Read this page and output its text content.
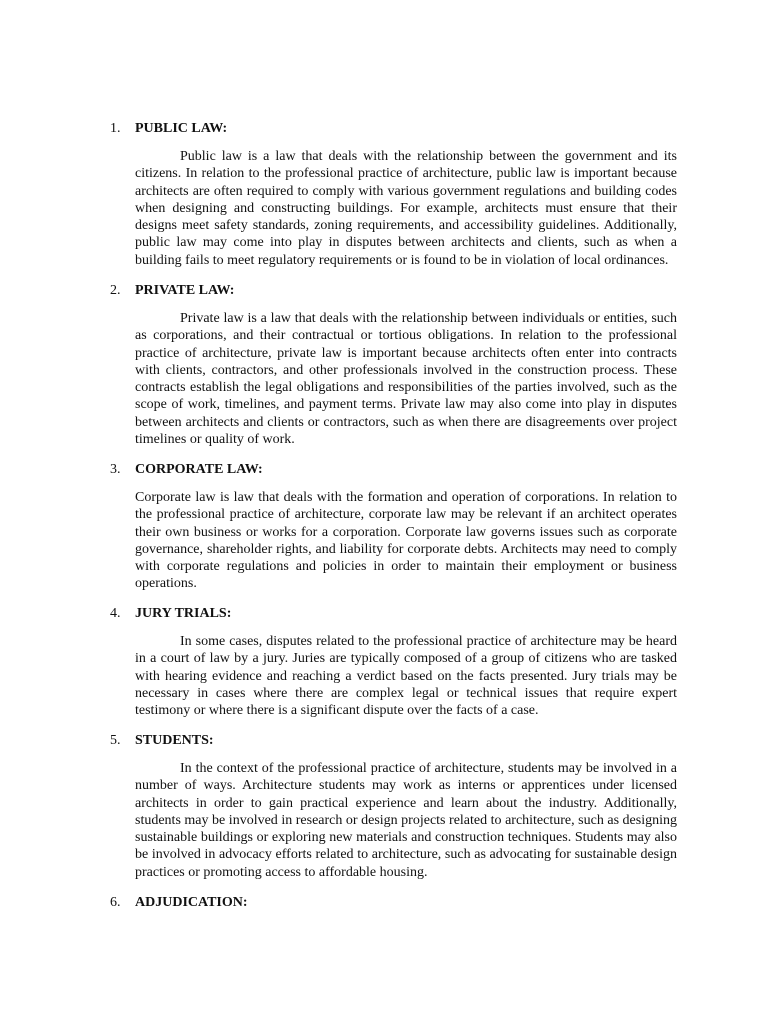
1.	PUBLIC LAW:

Public law is a law that deals with the relationship between the government and its citizens. In relation to the professional practice of architecture, public law is important because architects are often required to comply with various government regulations and building codes when designing and constructing buildings. For example, architects must ensure that their designs meet safety standards, zoning requirements, and accessibility guidelines. Additionally, public law may come into play in disputes between architects and clients, such as when a building fails to meet regulatory requirements or is found to be in violation of local ordinances.

2.	PRIVATE LAW:

Private law is a law that deals with the relationship between individuals or entities, such as corporations, and their contractual or tortious obligations. In relation to the professional practice of architecture, private law is important because architects often enter into contracts with clients, contractors, and other professionals involved in the construction process. These contracts establish the legal obligations and responsibilities of the parties involved, such as the scope of work, timelines, and payment terms. Private law may also come into play in disputes between architects and clients or contractors, such as when there are disagreements over project timelines or quality of work.

3.	CORPORATE LAW:

Corporate law is law that deals with the formation and operation of corporations. In relation to the professional practice of architecture, corporate law may be relevant if an architect operates their own business or works for a corporation. Corporate law governs issues such as corporate governance, shareholder rights, and liability for corporate debts. Architects may need to comply with corporate regulations and policies in order to maintain their employment or business operations.

4.	JURY TRIALS:

In some cases, disputes related to the professional practice of architecture may be heard in a court of law by a jury. Juries are typically composed of a group of citizens who are tasked with hearing evidence and reaching a verdict based on the facts presented. Jury trials may be necessary in cases where there are complex legal or technical issues that require expert testimony or where there is a significant dispute over the facts of a case.

5.	STUDENTS:

In the context of the professional practice of architecture, students may be involved in a number of ways. Architecture students may work as interns or apprentices under licensed architects in order to gain practical experience and learn about the industry. Additionally, students may be involved in research or design projects related to architecture, such as designing sustainable buildings or exploring new materials and construction techniques. Students may also be involved in advocacy efforts related to architecture, such as advocating for sustainable design practices or promoting access to affordable housing.

6.	ADJUDICATION:
